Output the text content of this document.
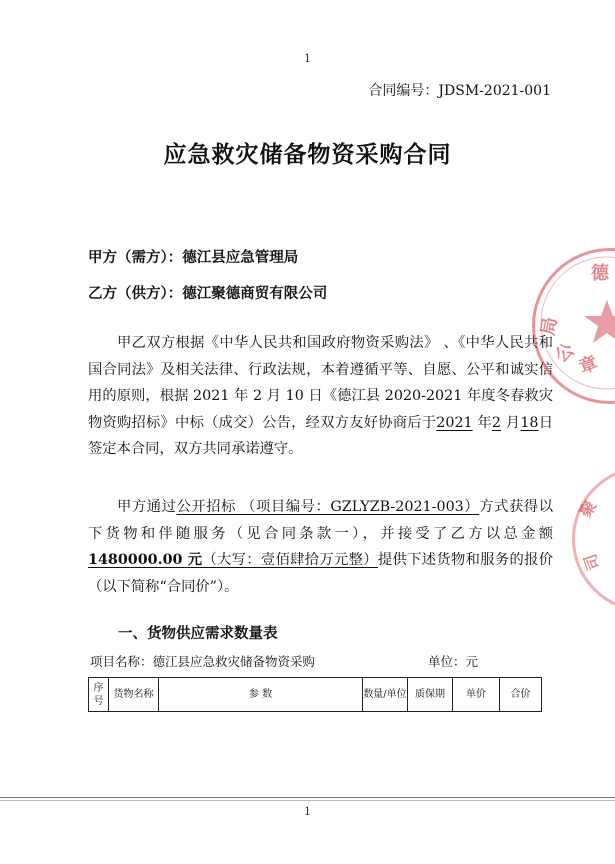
1
合同编号：JDSM-2021-001
应急救灾储备物资采购合同
甲方（需方）：德江县应急管理局
乙方（供方）：德江聚德商贸有限公司
甲乙双方根据《中华人民共和国政府物资采购法》 、《中华人民共和国合同法》及相关法律、行政法规，本着遵循平等、自愿、公平和诚实信用的原则，根据 2021 年 2 月 10 日《德江县 2020-2021 年度冬春救灾物资购招标》中标（成交）公告，经双方友好协商后于2021 年2 月18日签定本合同，双方共同承诺遵守。
甲方通过公开招标 （项目编号：GZLYZB-2021-003）方式获得以下货物和伴随服务（见合同条款一），并接受了乙方以总金额 1480000.00 元（大写：壹佰肆拾万元整）提供下述货物和服务的报价（以下简称“合同价”）。
一、货物供应需求数量表
项目名称：德江县应急救灾储备物资采购	单位：元
序号	货物名称	参 数	数量/单位	质保期	单价	合价
1
德
局
公
章
聚
司
